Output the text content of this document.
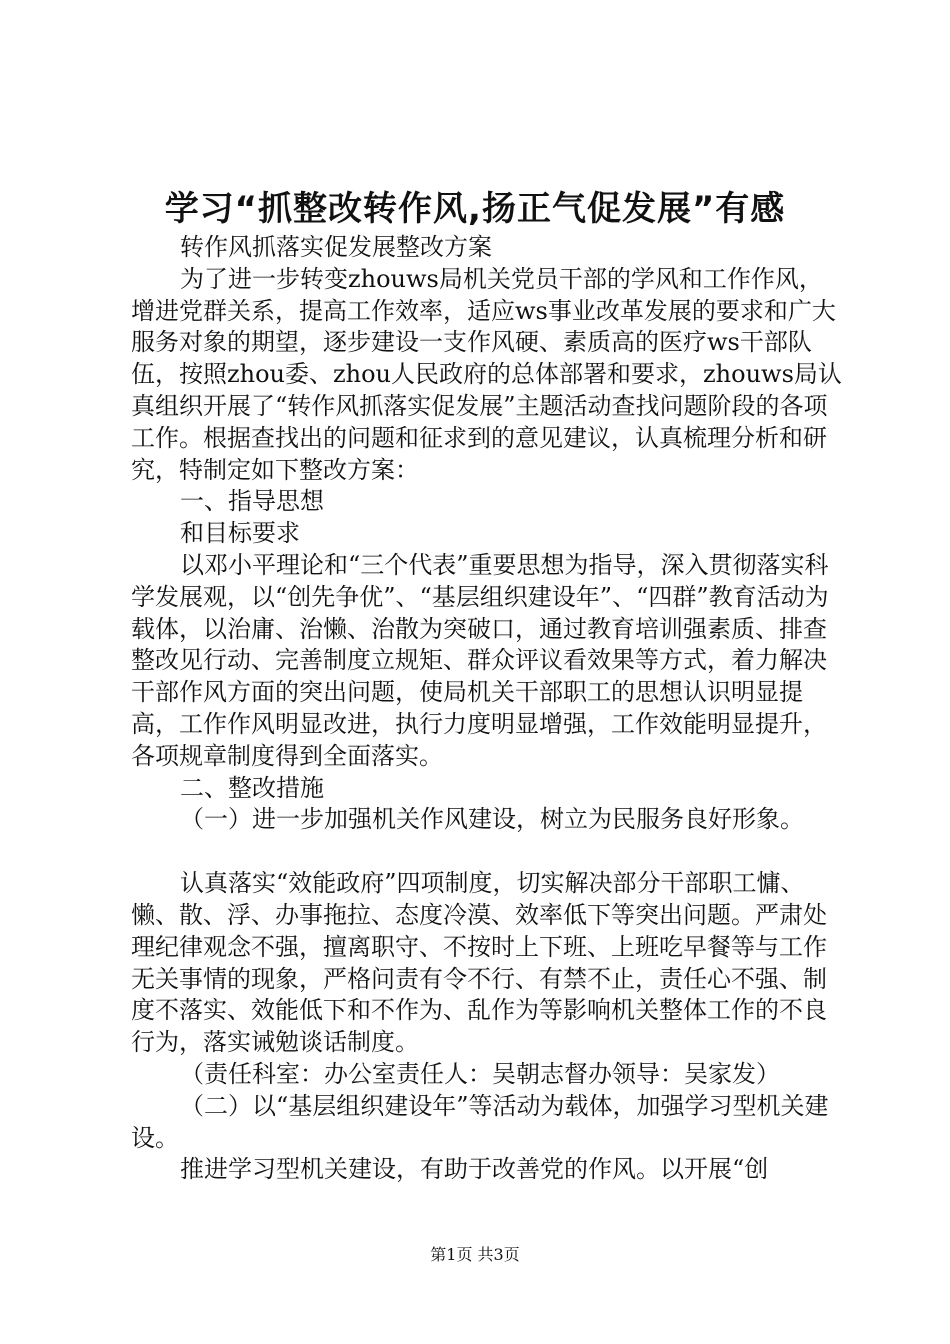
学习“抓整改转作风,扬正气促发展”有感

转作风抓落实促发展整改方案

为了进一步转变zhouws局机关党员干部的学风和工作作风，增进党群关系，提高工作效率，适应ws事业改革发展的要求和广大服务对象的期望，逐步建设一支作风硬、素质高的医疗ws干部队伍，按照zhou委、zhou人民政府的总体部署和要求，zhouws局认真组织开展了“转作风抓落实促发展”主题活动查找问题阶段的各项工作。根据查找出的问题和征求到的意见建议，认真梳理分析和研究，特制定如下整改方案：

一、指导思想

和目标要求

以邓小平理论和“三个代表”重要思想为指导，深入贯彻落实科学发展观，以“创先争优”、“基层组织建设年”、“四群”教育活动为载体，以治庸、治懒、治散为突破口，通过教育培训强素质、排查整改见行动、完善制度立规矩、群众评议看效果等方式，着力解决干部作风方面的突出问题，使局机关干部职工的思想认识明显提高，工作作风明显改进，执行力度明显增强，工作效能明显提升，各项规章制度得到全面落实。

二、整改措施

（一）进一步加强机关作风建设，树立为民服务良好形象。

认真落实“效能政府”四项制度，切实解决部分干部职工慵、懒、散、浮、办事拖拉、态度冷漠、效率低下等突出问题。严肃处理纪律观念不强，擅离职守、不按时上下班、上班吃早餐等与工作无关事情的现象，严格问责有令不行、有禁不止，责任心不强、制度不落实、效能低下和不作为、乱作为等影响机关整体工作的不良行为，落实诫勉谈话制度。

（责任科室：办公室责任人：吴朝志督办领导：吴家发）

（二）以“基层组织建设年”等活动为载体，加强学习型机关建设。

推进学习型机关建设，有助于改善党的作风。以开展“创

第1页 共3页
